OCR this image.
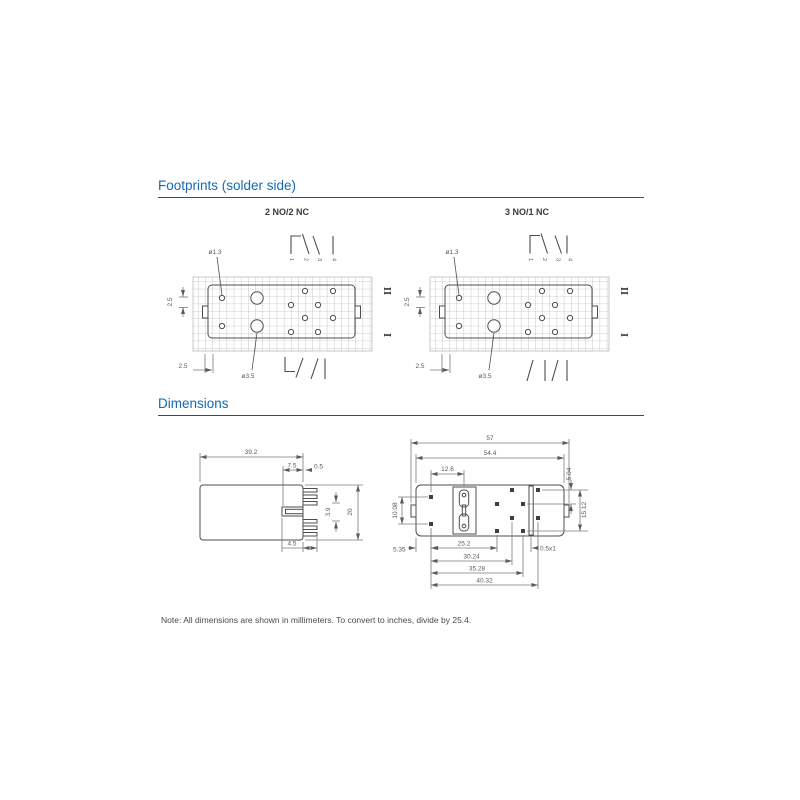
Footprints (solder side)
2 NO/2 NC
1 2 3 4
II
I
ø1.3
ø3.5
2.5
2.5
3 NO/1 NC
1 2 3 4
II
I
ø1.3
ø3.5
2.5
2.5
Dimensions
39.2
7.5	0.5
20
3.9
4.5
57
54.4
12.6
10.08
5.35
25.2
30.24
35.28
40.32
5.04
15.12
0.5x1
Note: All dimensions are shown in millimeters. To convert to inches, divide by 25.4.
